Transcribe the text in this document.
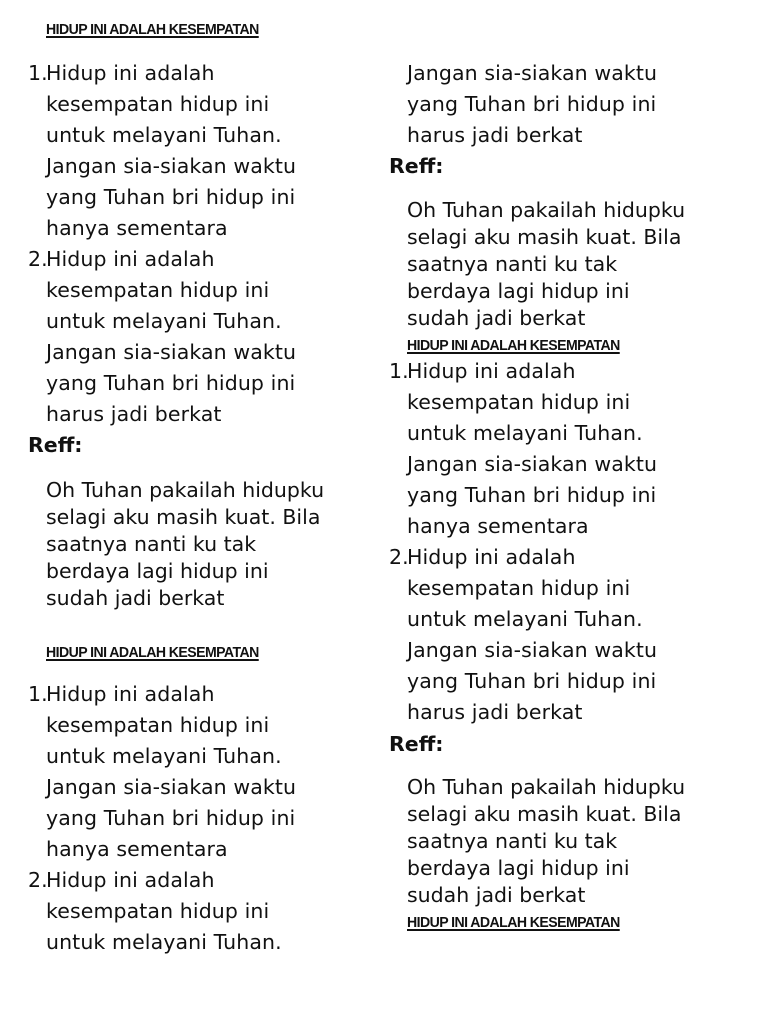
HIDUP INI ADALAH KESEMPATAN
1.Hidup ini adalah
kesempatan hidup ini
untuk melayani Tuhan.
Jangan sia-siakan waktu
yang Tuhan bri hidup ini
hanya sementara
2.Hidup ini adalah
kesempatan hidup ini
untuk melayani Tuhan.
Jangan sia-siakan waktu
yang Tuhan bri hidup ini
harus jadi berkat
Reff:
Oh Tuhan pakailah hidupku
selagi aku masih kuat. Bila
saatnya nanti ku tak
berdaya lagi hidup ini
sudah jadi berkat
HIDUP INI ADALAH KESEMPATAN
1.Hidup ini adalah
kesempatan hidup ini
untuk melayani Tuhan.
Jangan sia-siakan waktu
yang Tuhan bri hidup ini
hanya sementara
2.Hidup ini adalah
kesempatan hidup ini
untuk melayani Tuhan.
Jangan sia-siakan waktu
yang Tuhan bri hidup ini
harus jadi berkat
Reff:
Oh Tuhan pakailah hidupku
selagi aku masih kuat. Bila
saatnya nanti ku tak
berdaya lagi hidup ini
sudah jadi berkat
HIDUP INI ADALAH KESEMPATAN
1.Hidup ini adalah
kesempatan hidup ini
untuk melayani Tuhan.
Jangan sia-siakan waktu
yang Tuhan bri hidup ini
hanya sementara
2.Hidup ini adalah
kesempatan hidup ini
untuk melayani Tuhan.
Jangan sia-siakan waktu
yang Tuhan bri hidup ini
harus jadi berkat
Reff:
Oh Tuhan pakailah hidupku
selagi aku masih kuat. Bila
saatnya nanti ku tak
berdaya lagi hidup ini
sudah jadi berkat
HIDUP INI ADALAH KESEMPATAN
